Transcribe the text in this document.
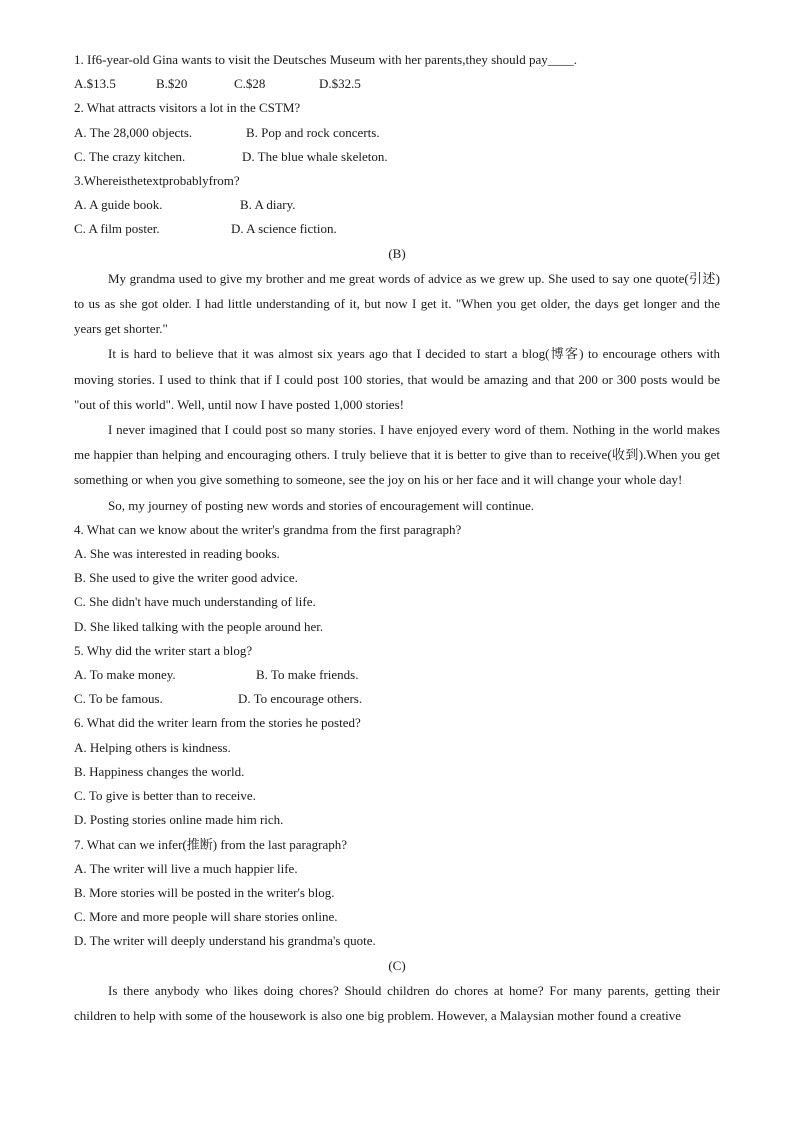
1. If6-year-old Gina wants to visit the Deutsches Museum with her parents,they should pay____.
A.$13.5	B.$20	C.$28	D.$32.5
2. What attracts visitors a lot in the CSTM?
A. The 28,000 objects.	B. Pop and rock concerts.
C. The crazy kitchen.	D. The blue whale skeleton.
3.Whereisthetextprobablyfrom?
A. A guide book.	B. A diary.
C. A film poster.	D. A science fiction.
(B)

My grandma used to give my brother and me great words of advice as we grew up. She used to say one quote(引述) to us as she got older. I had little understanding of it, but now I get it. "When you get older, the days get longer and the years get shorter."

It is hard to believe that it was almost six years ago that I decided to start a blog(博客) to encourage others with moving stories. I used to think that if I could post 100 stories, that would be amazing and that 200 or 300 posts would be "out of this world". Well, until now I have posted 1,000 stories!

I never imagined that I could post so many stories. I have enjoyed every word of them. Nothing in the world makes me happier than helping and encouraging others. I truly believe that it is better to give than to receive(收到).When you get something or when you give something to someone, see the joy on his or her face and it will change your whole day!

So, my journey of posting new words and stories of encouragement will continue.

4. What can we know about the writer's grandma from the first paragraph?
A. She was interested in reading books.
B. She used to give the writer good advice.
C. She didn't have much understanding of life.
D. She liked talking with the people around her.
5. Why did the writer start a blog?
A. To make money.	B. To make friends.
C. To be famous.	D. To encourage others.
6. What did the writer learn from the stories he posted?
A. Helping others is kindness.
B. Happiness changes the world.
C. To give is better than to receive.
D. Posting stories online made him rich.
7. What can we infer(推断) from the last paragraph?
A. The writer will live a much happier life.
B. More stories will be posted in the writer's blog.
C. More and more people will share stories online.
D. The writer will deeply understand his grandma's quote.
(C)

Is there anybody who likes doing chores? Should children do chores at home? For many parents, getting their children to help with some of the housework is also one big problem. However, a Malaysian mother found a creative
